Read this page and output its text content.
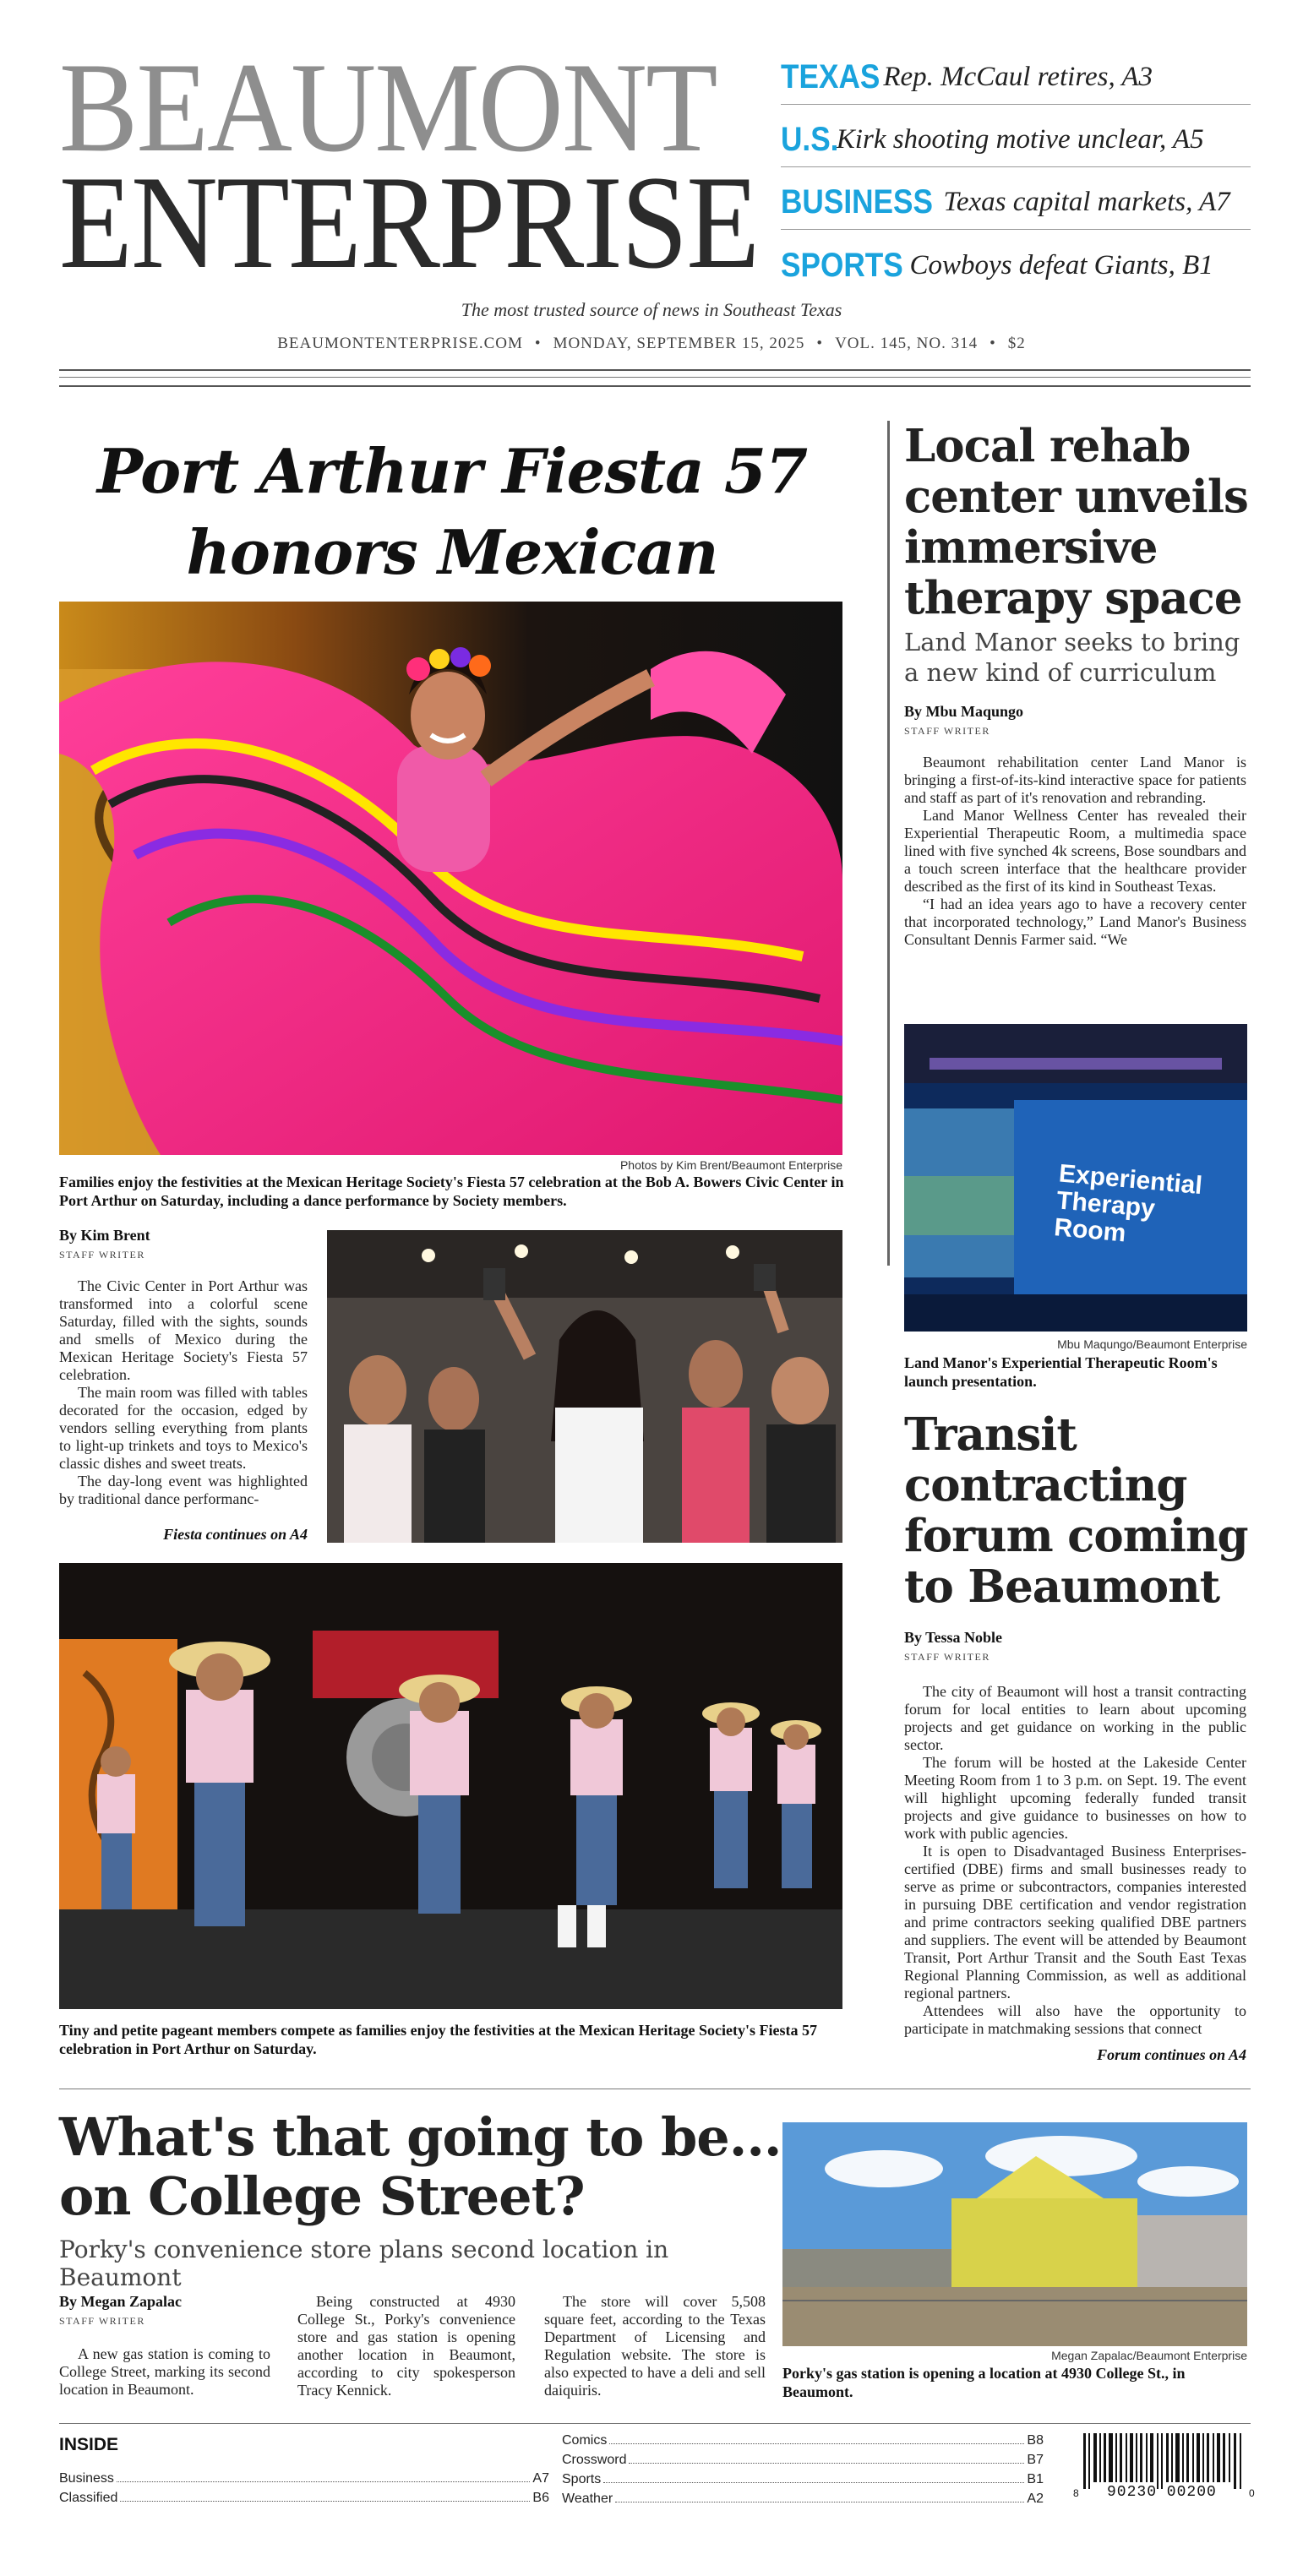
BEAUMONT
ENTERPRISE
TEXAS Rep. McCaul retires, A3
U.S.
Kirk shooting motive unclear, A5
BUSINESS Texas capital markets, A7
SPORTS Cowboys defeat Giants, B1
The most trusted source of news in Southeast Texas
BEAUMONTENTERPRISE.COM • MONDAY, SEPTEMBER 15, 2025 • VOL. 145, NO. 314 • $2
Port Arthur Fiesta 57
honors Mexican
Photos by Kim Brent/Beaumont Enterprise
Families enjoy the festivities at the Mexican Heritage Society's Fiesta 57 celebration at the Bob A. Bowers Civic Center in Port Arthur on Saturday, including a dance performance by Society members.
By Kim Brent
STAFF WRITER

The Civic Center in Port Arthur was transformed into a colorful scene Saturday, filled with the sights, sounds and smells of Mexico during the Mexican Heritage Society's Fiesta 57 celebration.

The main room was filled with tables decorated for the occasion, edged by vendors selling everything from plants to light-up trinkets and toys to Mexico's classic dishes and sweet treats.

The day-long event was highlighted by traditional dance performanc-

Fiesta continues on A4
Tiny and petite pageant members compete as families enjoy the festivities at the Mexican Heritage Society's Fiesta 57 celebration in Port Arthur on Saturday.
Local rehab center unveils immersive therapy space
Land Manor seeks to bring a new kind of curriculum
By Mbu Maqungo
STAFF WRITER

Beaumont rehabilitation center Land Manor is bringing a first-of-its-kind interactive space for patients and staff as part of it's renovation and rebranding.

Land Manor Wellness Center has revealed their Experiential Therapeutic Room, a multimedia space lined with five synched 4k screens, Bose soundbars and a touch screen interface that the healthcare provider described as the first of its kind in Southeast Texas.

“I had an idea years ago to have a recovery center that incorporated technology,” Land Manor's Business Consultant Dennis Farmer said. “We

Experiential Therapy Room
Mbu Maqungo/Beaumont Enterprise
Land Manor's Experiential Therapeutic Room's launch presentation.
Transit contracting forum coming to Beaumont
By Tessa Noble
STAFF WRITER

The city of Beaumont will host a transit contracting forum for local entities to learn about upcoming projects and get guidance on working in the public sector.

The forum will be hosted at the Lakeside Center Meeting Room from 1 to 3 p.m. on Sept. 19. The event will highlight upcoming federally funded transit projects and give guidance to businesses on how to work with public agencies.

It is open to Disadvantaged Business Enterprises-certified (DBE) firms and small businesses ready to serve as prime or subcontractors, companies interested in pursuing DBE certification and vendor registration and prime contractors seeking qualified DBE partners and suppliers. The event will be attended by Beaumont Transit, Port Arthur Transit and the South East Texas Regional Planning Commission, as well as additional regional partners.

Attendees will also have the opportunity to participate in matchmaking sessions that connect

Forum continues on A4
What's that going to be...
on College Street?
Porky's convenience store plans second location in Beaumont
By Megan Zapalac
STAFF WRITER

A new gas station is coming to College Street, marking its second location in Beaumont.

Being constructed at 4930 College St., Porky's convenience store and gas station is opening another location in Beaumont, according to city spokesperson Tracy Kennick.

The store will cover 5,508 square feet, according to the Texas Department of Licensing and Regulation website. The store is also expected to have a deli and sell daiquiris.

Megan Zapalac/Beaumont Enterprise
Porky's gas station is opening a location at 4930 College St., in Beaumont.
INSIDE
Business	A7
Classified	B6
Comics	B8
Crossword	B7
Sports	B1
Weather	A2	8 90230 00200	0
